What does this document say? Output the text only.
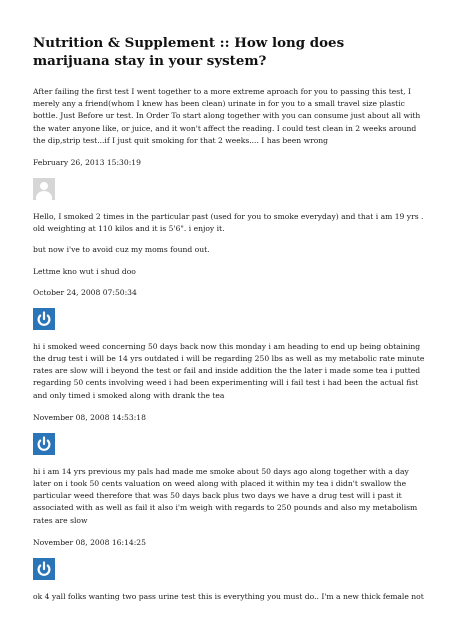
Nutrition & Supplement :: How long does marijuana stay in your system?

After failing the first test I went together to a more extreme aproach for you to passing this test, I merely any a friend(whom I knew has been clean) urinate in for you to a small travel size plastic bottle. Just Before ur test. In Order To start along together with you can consume just about all with the water anyone like, or juice, and it won't affect the reading. I could test clean in 2 weeks around the dip,strip test...if I just quit smoking for that 2 weeks.... I has been wrong

February 26, 2013 15:30:19

Hello, I smoked 2 times in the particular past (used for you to smoke everyday) and that i am 19 yrs . old weighting at 110 kilos and it is 5'6". i enjoy it.

but now i've to avoid cuz my moms found out.

Lettme kno wut i shud doo

October 24, 2008 07:50:34

hi i smoked weed concerning 50 days back now this monday i am heading to end up being obtaining the drug test i will be 14 yrs outdated i will be regarding 250 lbs as well as my metabolic rate minute rates are slow will i beyond the test or fail and inside addition the the later i made some tea i putted regarding 50 cents involving weed i had been experimenting will i fail test i had been the actual fist and only timed i smoked along with drank the tea

November 08, 2008 14:53:18

hi i am 14 yrs previous my pals had made me smoke about 50 days ago along together with a day later on i took 50 cents valuation on weed along with placed it within my tea i didn't swallow the particular weed therefore that was 50 days back plus two days we have a drug test will i past it associated with as well as fail it also i'm weigh with regards to 250 pounds and also my metabolism rates are slow

November 08, 2008 16:14:25

ok 4 yall folks wanting two pass urine test this is everything you must do.. I'm a new thick female not
